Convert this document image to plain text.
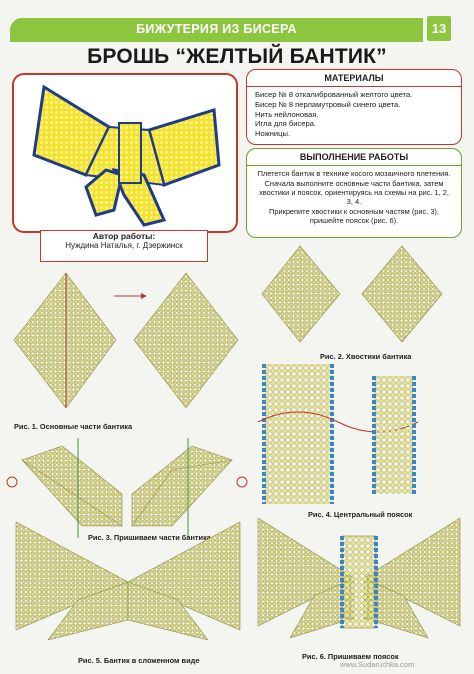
БИЖУТЕРИЯ ИЗ БИСЕРА	13
БРОШЬ “ЖЕЛТЫЙ БАНТИК”
Автор работы:
Нуждина Наталья, г. Дзержинск
МАТЕРИАЛЫ
Бисер № 8 откалиброванный желтого цвета.
Бисер № 8 перламутровый синего цвета.
Нить нейлоновая.
Игла для бисера.
Ножницы.
ВЫПОЛНЕНИЕ РАБОТЫ

Плетется бантик в технике косого мозаичного плетения.

Сначала выполните основные части бантика, затем хвостики и поясок, ориентируясь на схемы на рис. 1, 2, 3, 4.

Прикрепите хвостики к основным частям (рис. 3), пришейте поясок (рис. 6).

Рис. 1. Основные части бантика
Рис. 2. Хвостики бантика
Рис. 4. Центральный поясок
Рис. 3. Пришиваем части бантика
Рис. 5. Бантик в сложенном виде	Рис. 6. Пришиваем поясок
www.Sudaruchka.com
